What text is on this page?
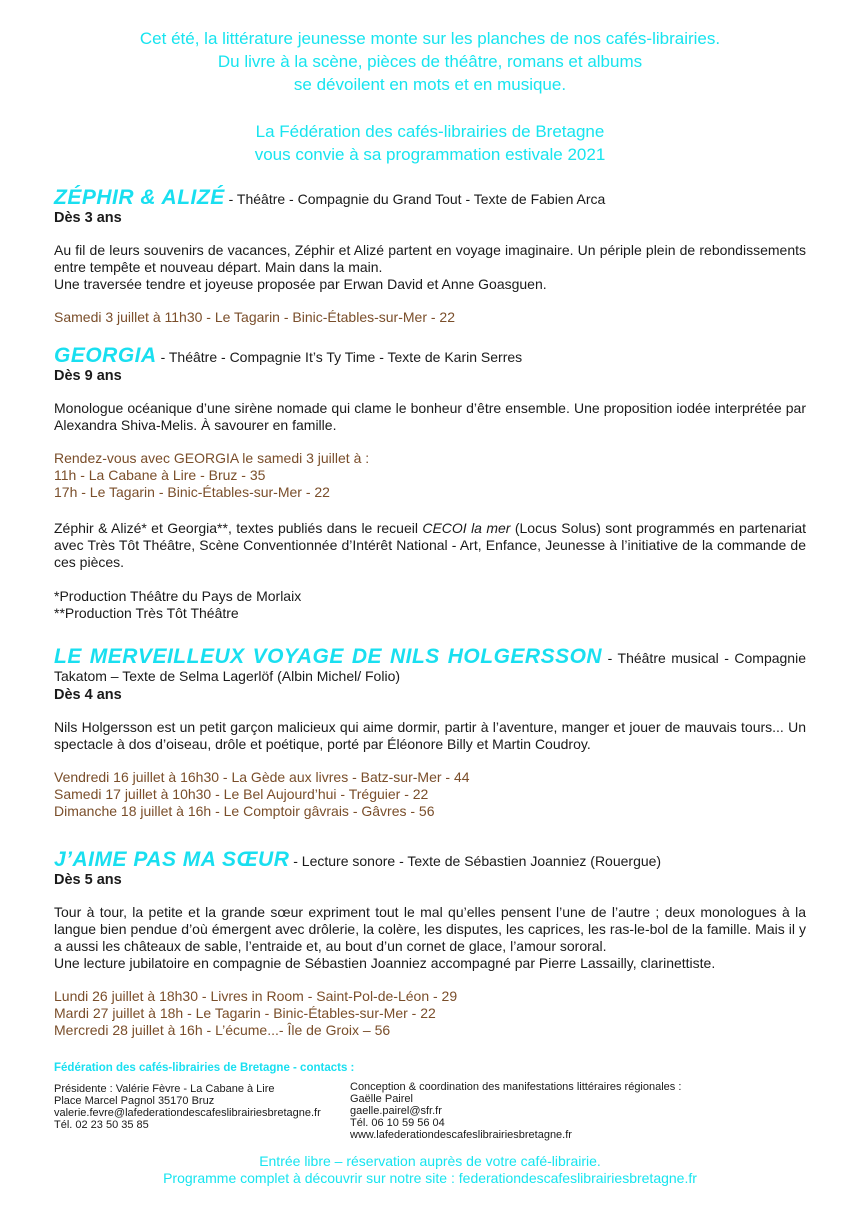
Cet été, la littérature jeunesse monte sur les planches de nos cafés-librairies.

Du livre à la scène, pièces de théâtre, romans et albums

se dévoilent en mots et en musique.

La Fédération des cafés-librairies de Bretagne

vous convie à sa programmation estivale 2021

ZÉPHIR & ALIZÉ - Théâtre - Compagnie du Grand Tout - Texte de Fabien Arca
Dès 3 ans

Au fil de leurs souvenirs de vacances, Zéphir et Alizé partent en voyage imaginaire. Un périple plein de rebondissements entre tempête et nouveau départ. Main dans la main.

Une traversée tendre et joyeuse proposée par Erwan David et Anne Goasguen.

Samedi 3 juillet à 11h30 - Le Tagarin - Binic-Étables-sur-Mer - 22

GEORGIA - Théâtre - Compagnie It’s Ty Time - Texte de Karin Serres
Dès 9 ans

Monologue océanique d’une sirène nomade qui clame le bonheur d’être ensemble. Une proposition iodée interprétée par Alexandra Shiva-Melis. À savourer en famille.

Rendez-vous avec GEORGIA le samedi 3 juillet à :

11h - La Cabane à Lire - Bruz - 35

17h - Le Tagarin - Binic-Étables-sur-Mer - 22

Zéphir & Alizé* et Georgia**, textes publiés dans le recueil CECOI la mer (Locus Solus) sont programmés en partenariat avec Très Tôt Théâtre, Scène Conventionnée d’Intérêt National - Art, Enfance, Jeunesse à l’initiative de la commande de ces pièces.

*Production Théâtre du Pays de Morlaix

**Production Très Tôt Théâtre

LE MERVEILLEUX VOYAGE DE NILS HOLGERSSON - Théâtre musical - Compagnie Takatom – Texte de Selma Lagerlöf (Albin Michel/ Folio)
Dès 4 ans

Nils Holgersson est un petit garçon malicieux qui aime dormir, partir à l’aventure, manger et jouer de mauvais tours... Un spectacle à dos d’oiseau, drôle et poétique, porté par Éléonore Billy et Martin Coudroy.

Vendredi 16 juillet à 16h30 - La Gède aux livres - Batz-sur-Mer - 44

Samedi 17 juillet à 10h30 - Le Bel Aujourd’hui - Tréguier - 22

Dimanche 18 juillet à 16h - Le Comptoir gâvrais - Gâvres - 56

J’AIME PAS MA SŒUR - Lecture sonore - Texte de Sébastien Joanniez (Rouergue)
Dès 5 ans

Tour à tour, la petite et la grande sœur expriment tout le mal qu’elles pensent l’une de l’autre ; deux monologues à la langue bien pendue d’où émergent avec drôlerie, la colère, les disputes, les caprices, les ras-le-bol de la famille. Mais il y a aussi les châteaux de sable, l’entraide et, au bout d’un cornet de glace, l’amour sororal.

Une lecture jubilatoire en compagnie de Sébastien Joanniez accompagné par Pierre Lassailly, clarinettiste.

Lundi 26 juillet à 18h30 - Livres in Room - Saint-Pol-de-Léon - 29

Mardi 27 juillet à 18h - Le Tagarin - Binic-Étables-sur-Mer - 22

Mercredi 28 juillet à 16h - L’écume...- Île de Groix – 56

Fédération des cafés-librairies de Bretagne - contacts :

Présidente : Valérie Fèvre - La Cabane à Lire

Place Marcel Pagnol 35170 Bruz

valerie.fevre@lafederationdescafeslibrairiesbretagne.fr

Tél. 02 23 50 35 85

Conception & coordination des manifestations littéraires régionales :

Gaëlle Pairel

gaelle.pairel@sfr.fr

Tél. 06 10 59 56 04

www.lafederationdescafeslibrairiesbretagne.fr

Entrée libre – réservation auprès de votre café-librairie.

Programme complet à découvrir sur notre site : federationdescafeslibrairiesbretagne.fr
